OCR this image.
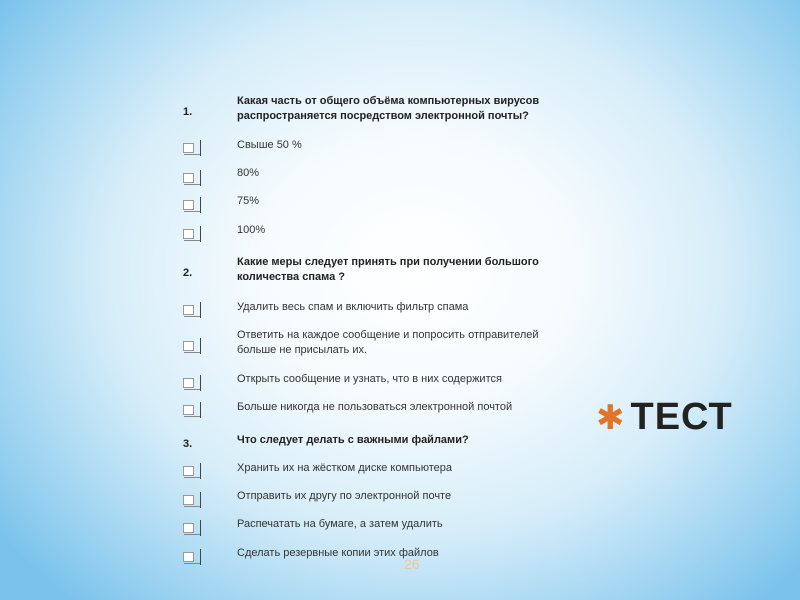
1.
Какая часть от общего объёма компьютерных вирусов распространяется посредством электронной почты?
Свыше 50 %
80%
75%
100%
2.
Какие меры следует принять при получении большого количества спама ?
Удалить весь спам и включить фильтр спама
Ответить на каждое сообщение и попросить отправителей больше не присылать их.
Открыть сообщение и узнать, что в них содержится
Больше никогда не пользоваться электронной почтой
3.	Что следует делать с важными файлами?
Хранить их на жёстком диске компьютера
Отправить их другу по электронной почте
Распечатать на бумаге, а затем удалить
Сделать резервные копии этих файлов
26
✱ ТЕСТ
